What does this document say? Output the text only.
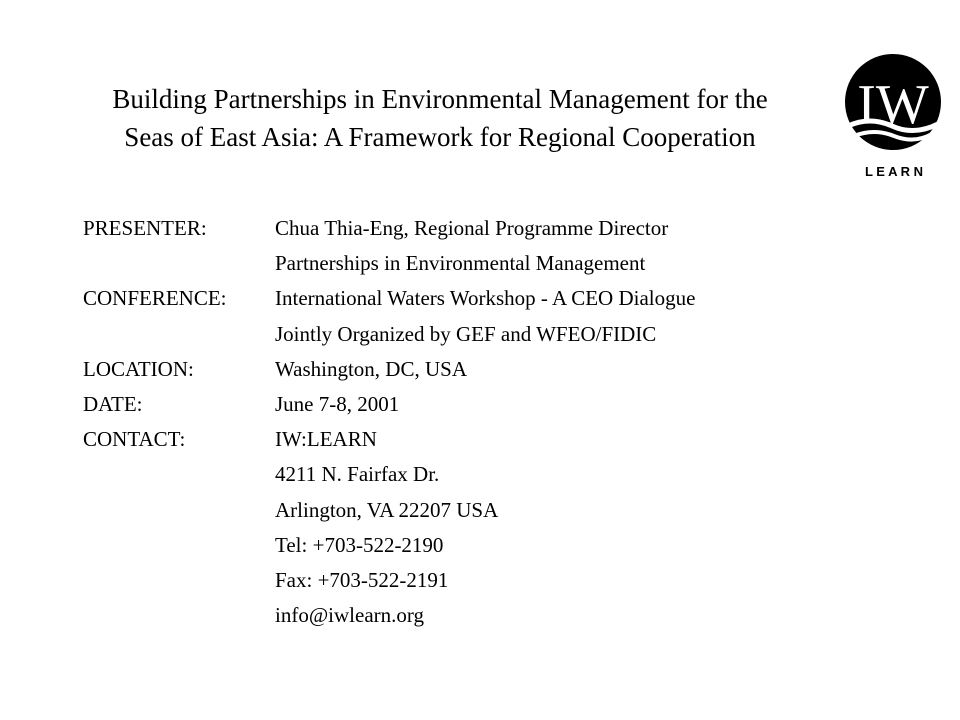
Building Partnerships in Environmental Management for the
Seas of East Asia: A Framework for Regional Cooperation
IW
L E A R N
PRESENTER:	Chua Thia-Eng, Regional Programme Director
Partnerships in Environmental Management
CONFERENCE:	International Waters Workshop - A CEO Dialogue
Jointly Organized by GEF and WFEO/FIDIC
LOCATION:	Washington, DC, USA
DATE:	June 7-8, 2001
CONTACT:	IW:LEARN
4211 N. Fairfax Dr.
Arlington, VA 22207 USA
Tel: +703-522-2190
Fax: +703-522-2191
info@iwlearn.org
